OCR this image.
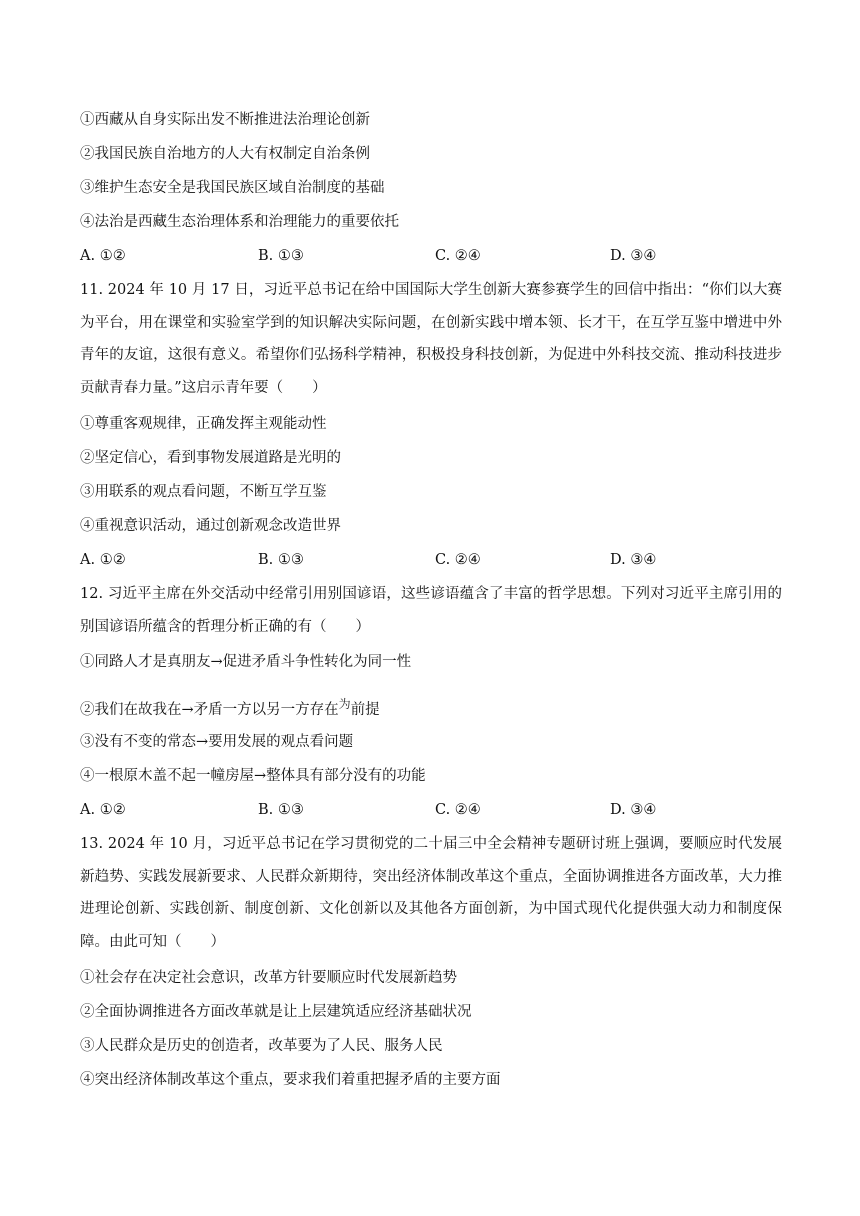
①西藏从自身实际出发不断推进法治理论创新
②我国民族自治地方的人大有权制定自治条例
③维护生态安全是我国民族区域自治制度的基础
④法治是西藏生态治理体系和治理能力的重要依托
A. ①②	B. ①③	C. ②④	D. ③④
11. 2024 年 10 月 17 日，习近平总书记在给中国国际大学生创新大赛参赛学生的回信中指出：“你们以大赛为平台，用在课堂和实验室学到的知识解决实际问题，在创新实践中增本领、长才干，在互学互鉴中增进中外青年的友谊，这很有意义。希望你们弘扬科学精神，积极投身科技创新，为促进中外科技交流、推动科技进步贡献青春力量。”这启示青年要（　　）
①尊重客观规律，正确发挥主观能动性
②坚定信心，看到事物发展道路是光明的
③用联系的观点看问题，不断互学互鉴
④重视意识活动，通过创新观念改造世界
A. ①②	B. ①③	C. ②④	D. ③④
12. 习近平主席在外交活动中经常引用别国谚语，这些谚语蕴含了丰富的哲学思想。下列对习近平主席引用的别国谚语所蕴含的哲理分析正确的有（　　）
①同路人才是真朋友→促进矛盾斗争性转化为同一性
②我们在故我在→矛盾一方以另一方存在$^为$前提
③没有不变的常态→要用发展的观点看问题
④一根原木盖不起一幢房屋→整体具有部分没有的功能
A. ①②	B. ①③	C. ②④	D. ③④
13. 2024 年 10 月，习近平总书记在学习贯彻党的二十届三中全会精神专题研讨班上强调，要顺应时代发展新趋势、实践发展新要求、人民群众新期待，突出经济体制改革这个重点，全面协调推进各方面改革，大力推进理论创新、实践创新、制度创新、文化创新以及其他各方面创新，为中国式现代化提供强大动力和制度保障。由此可知（　　）
①社会存在决定社会意识，改革方针要顺应时代发展新趋势
②全面协调推进各方面改革就是让上层建筑适应经济基础状况
③人民群众是历史的创造者，改革要为了人民、服务人民
④突出经济体制改革这个重点，要求我们着重把握矛盾的主要方面
